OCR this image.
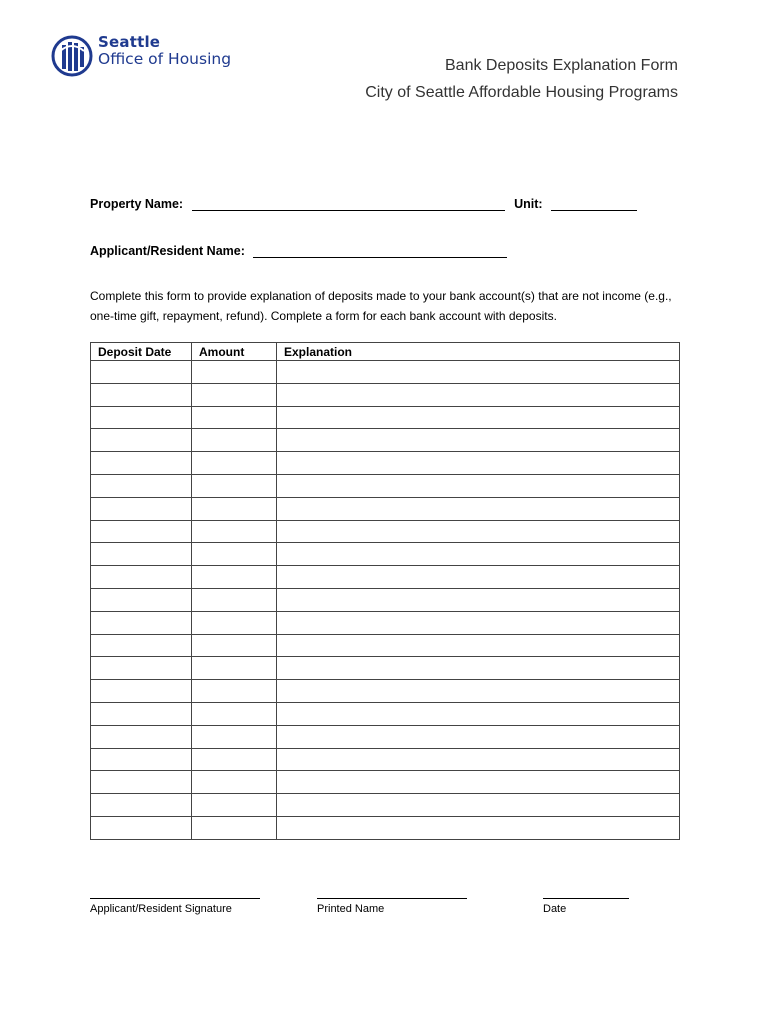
Seattle
Office of Housing	Bank Deposits Explanation Form
City of Seattle Affordable Housing Programs
Property Name:	Unit:
Applicant/Resident Name:
Complete this form to provide explanation of deposits made to your bank account(s) that are not income (e.g., one-time gift, repayment, refund). Complete a form for each bank account with deposits.
Deposit Date	Amount	Explanation

Applicant/Resident Signature	Printed Name	Date
